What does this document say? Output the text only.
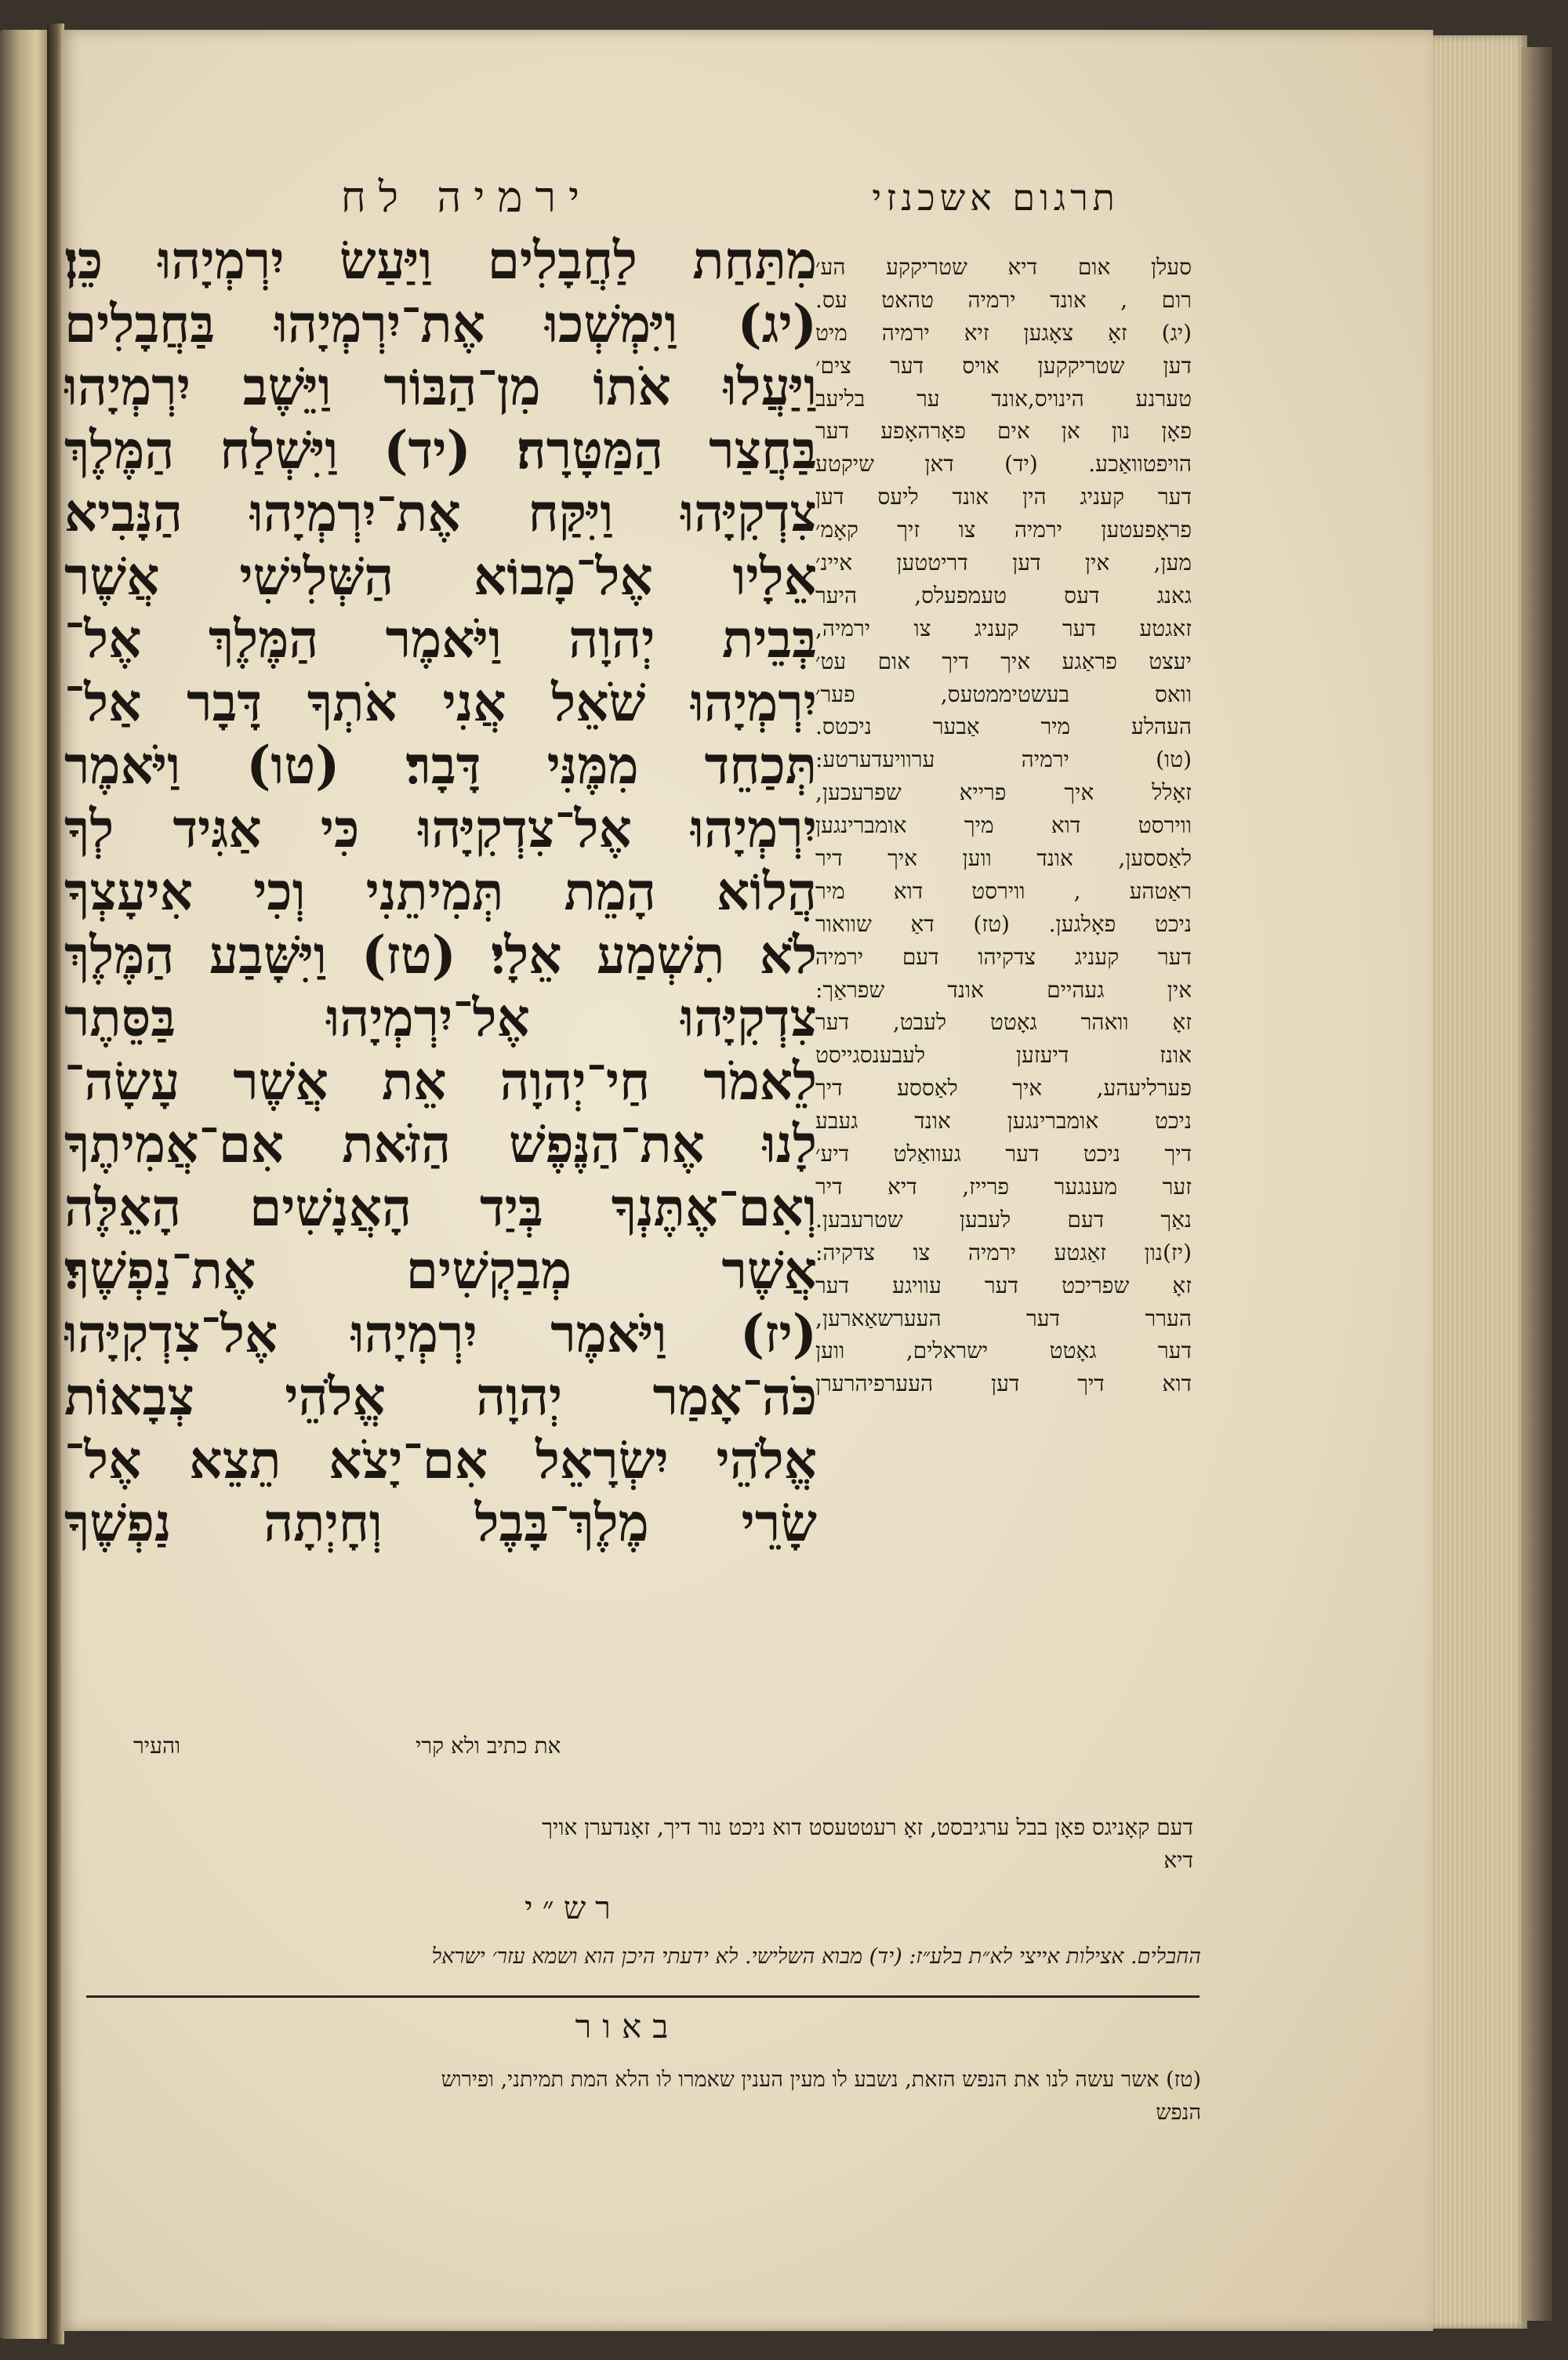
ירמיה לח	תרגום אשכנזי
מִתַּחַת לַחֲבָלִים וַיַּעַשׂ יִרְמְיָהוּ כֵּן׃
(יג) וַיִּמְשְׁכוּ אֶת־יִרְמְיָהוּ בַּחֲבָלִים
וַיַּעֲלוּ אֹתוֹ מִן־הַבּוֹר וַיֵּשֶׁב יִרְמְיָהוּ
בַּחֲצַר הַמַּטָּרָה׃ (יד) וַיִּשְׁלַח הַמֶּלֶךְ
צִדְקִיָּהוּ וַיִּקַּח אֶת־יִרְמְיָהוּ הַנָּבִיא
אֵלָיו אֶל־מָבוֹא הַשְּׁלִישִׁי אֲשֶׁר
בְּבֵית יְהוָה וַיֹּאמֶר הַמֶּלֶךְ אֶל־
יִרְמְיָהוּ שֹׁאֵל אֲנִי אֹתְךָ דָּבָר אַל־
תְּכַחֵד מִמֶּנִּי דָּבָר׃ (טו) וַיֹּאמֶר
יִרְמְיָהוּ אֶל־צִדְקִיָּהוּ כִּי אַגִּיד לְךָ
הֲלוֹא הָמֵת תְּמִיתֵנִי וְכִי אִיעָצְךָ
לֹא תִשְׁמַע אֵלָי׃ (טז) וַיִּשָּׁבַע הַמֶּלֶךְ
צִדְקִיָּהוּ אֶל־יִרְמְיָהוּ בַּסֵּתֶר
לֵאמֹר חַי־יְהוָה אֵת אֲשֶׁר עָשָׂה־
לָנוּ אֶת־הַנֶּפֶשׁ הַזֹּאת אִם־אֲמִיתֶךָ
וְאִם־אֶתֶּנְךָ בְּיַד הָאֲנָשִׁים הָאֵלֶּה
אֲשֶׁר מְבַקְשִׁים אֶת־נַפְשֶׁךָ׃
(יז) וַיֹּאמֶר יִרְמְיָהוּ אֶל־צִדְקִיָּהוּ
כֹּה־אָמַר יְהוָה אֱלֹהֵי צְבָאוֹת
אֱלֹהֵי יִשְׂרָאֵל אִם־יָצֹא תֵצֵא אֶל־
שָׂרֵי מֶלֶךְ־בָּבֶל וְחָיְתָה נַפְשֶׁךָ
סעלן אום דיא שטריקקע הע׳
רום , אונד ירמיה טהאט עס.
(יג) זאָ צאָגען זיא ירמיה מיט
דען שטריקקען אויס דער צים׳
טערנע הינויס,אונד ער בליעב
פאָן נון אן אים פאָרהאָפע דער
הויפטוואַכע. (יד) דאן שיקטע
דער קעניג הין אונד ליעס דען
פראָפעטען ירמיה צו זיך קאָמ׳
מען, אין דען דריטטען איינ׳
גאנג דעס טעמפעלס, היער
זאגטע דער קעניג צו ירמיה,
יעצט פראַגע איך דיך אום עט׳
וואס בעשטיממטעס, פער׳
העהלע מיר אַבער ניכטס.
(טו) ירמיה ערוויעדערטע:
זאָלל איך פרייא שפרעכען,
ווירסט דוא מיך אומברינגען
לאַססען, אונד ווען איך דיר
ראַטהע , ווירסט דוא מיר
ניכט פאָלגען. (טז) דאַ שוואור
דער קעניג צדקיהו דעם ירמיה
אין געהיים אונד שפראַך:
זאָ וואהר גאָטט לעבט, דער
אונז דיעזען לעבענסגייסט
פערליעהע, איך לאַססע דיך
ניכט אומברינגען אונד געבע
דיך ניכט דער געוואַלט דיע׳
זער מענגער פרייז, דיא דיר
נאַך דעם לעבען שטרעבען.
(יז)נון זאַגטע ירמיה צו צדקיה:
זאָ שפריכט דער עוויגע דער
הערר דער העערשאַארען,
דער גאָטט ישראלים, ווען
דוא דיך דען העערפיהרערן
את כתיב ולא קרי
והעיר
דעם קאָניגס פאָן בבל ערגיבסט, זאָ רעטטעסט דוא ניכט נור דיך, זאָנדערן אויך
דיא
רש״י
החבלים. אצילות אייצי לא״ת בלע״ז: (יד) מבוא השלישי. לא ידעתי היכן הוא ושמא עזר׳ ישראל
באור
(טז) אשר עשה לנו את הנפש הזאת, נשבע לו מעין הענין שאמרו לו הלא המת תמיתני, ופירוש
הנפש
